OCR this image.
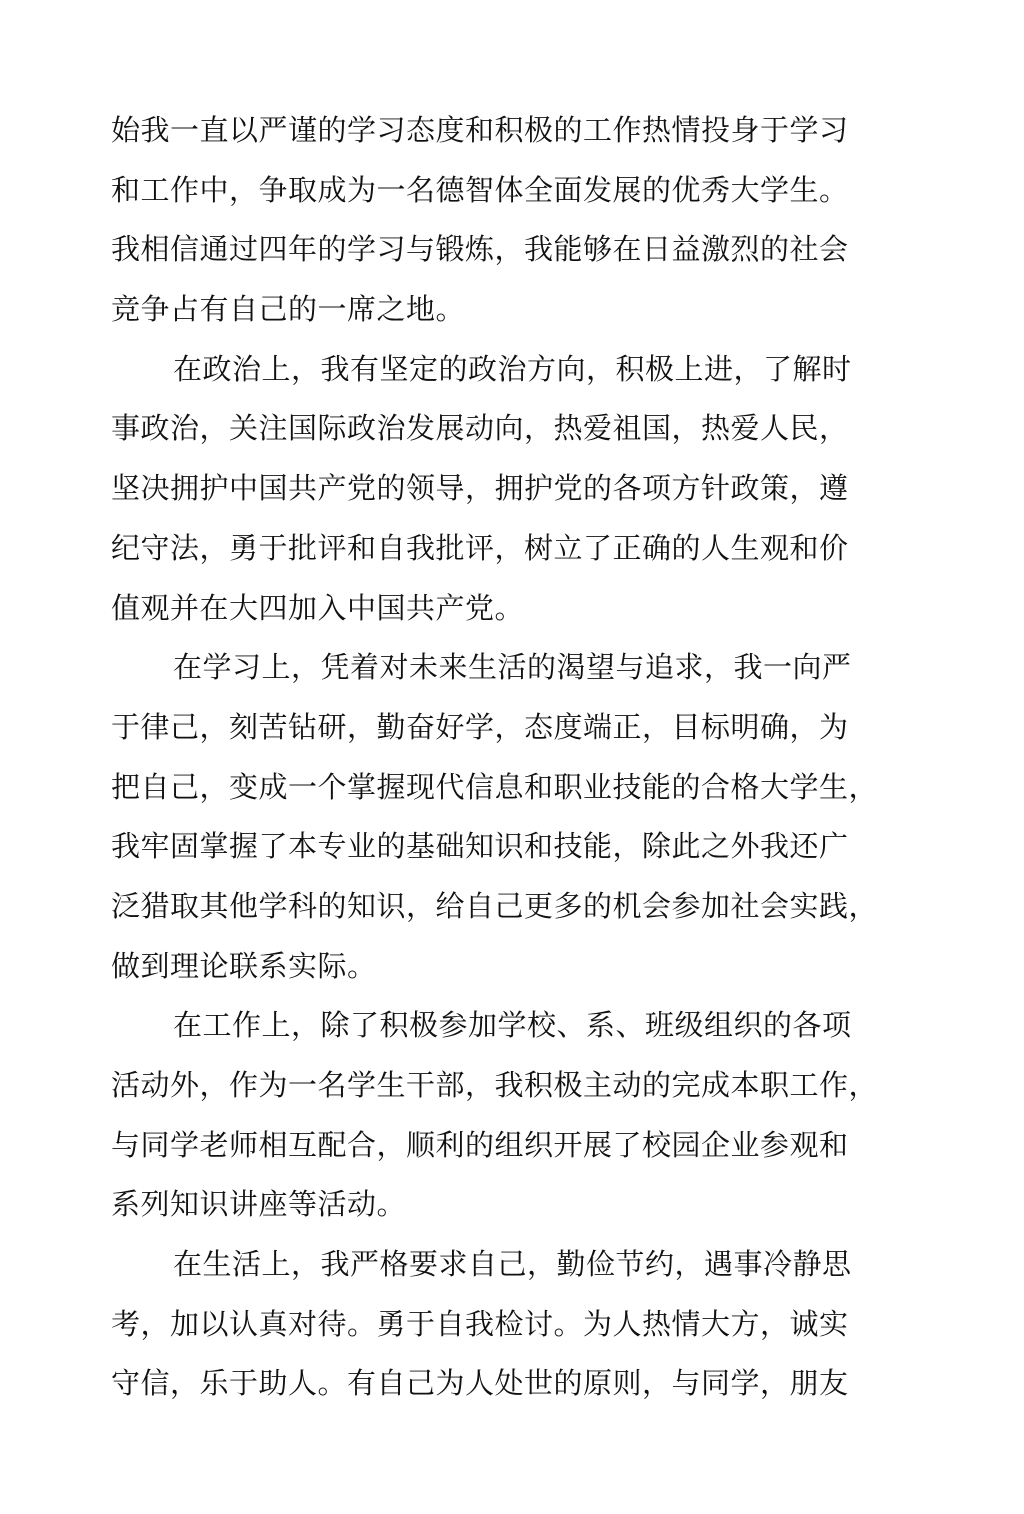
始我一直以严谨的学习态度和积极的工作热情投身于学习
和工作中，争取成为一名德智体全面发展的优秀大学生。
我相信通过四年的学习与锻炼，我能够在日益激烈的社会
竞争占有自己的一席之地。
在政治上，我有坚定的政治方向，积极上进，了解时
事政治，关注国际政治发展动向，热爱祖国，热爱人民，
坚决拥护中国共产党的领导，拥护党的各项方针政策，遵
纪守法，勇于批评和自我批评，树立了正确的人生观和价
值观并在大四加入中国共产党。
在学习上，凭着对未来生活的渴望与追求，我一向严
于律己，刻苦钻研，勤奋好学，态度端正，目标明确，为
把自己，变成一个掌握现代信息和职业技能的合格大学生，
我牢固掌握了本专业的基础知识和技能，除此之外我还广
泛猎取其他学科的知识，给自己更多的机会参加社会实践，
做到理论联系实际。
在工作上，除了积极参加学校、系、班级组织的各项
活动外，作为一名学生干部，我积极主动的完成本职工作，
与同学老师相互配合，顺利的组织开展了校园企业参观和
系列知识讲座等活动。
在生活上，我严格要求自己，勤俭节约，遇事冷静思
考，加以认真对待。勇于自我检讨。为人热情大方，诚实
守信，乐于助人。有自己为人处世的原则，与同学，朋友
